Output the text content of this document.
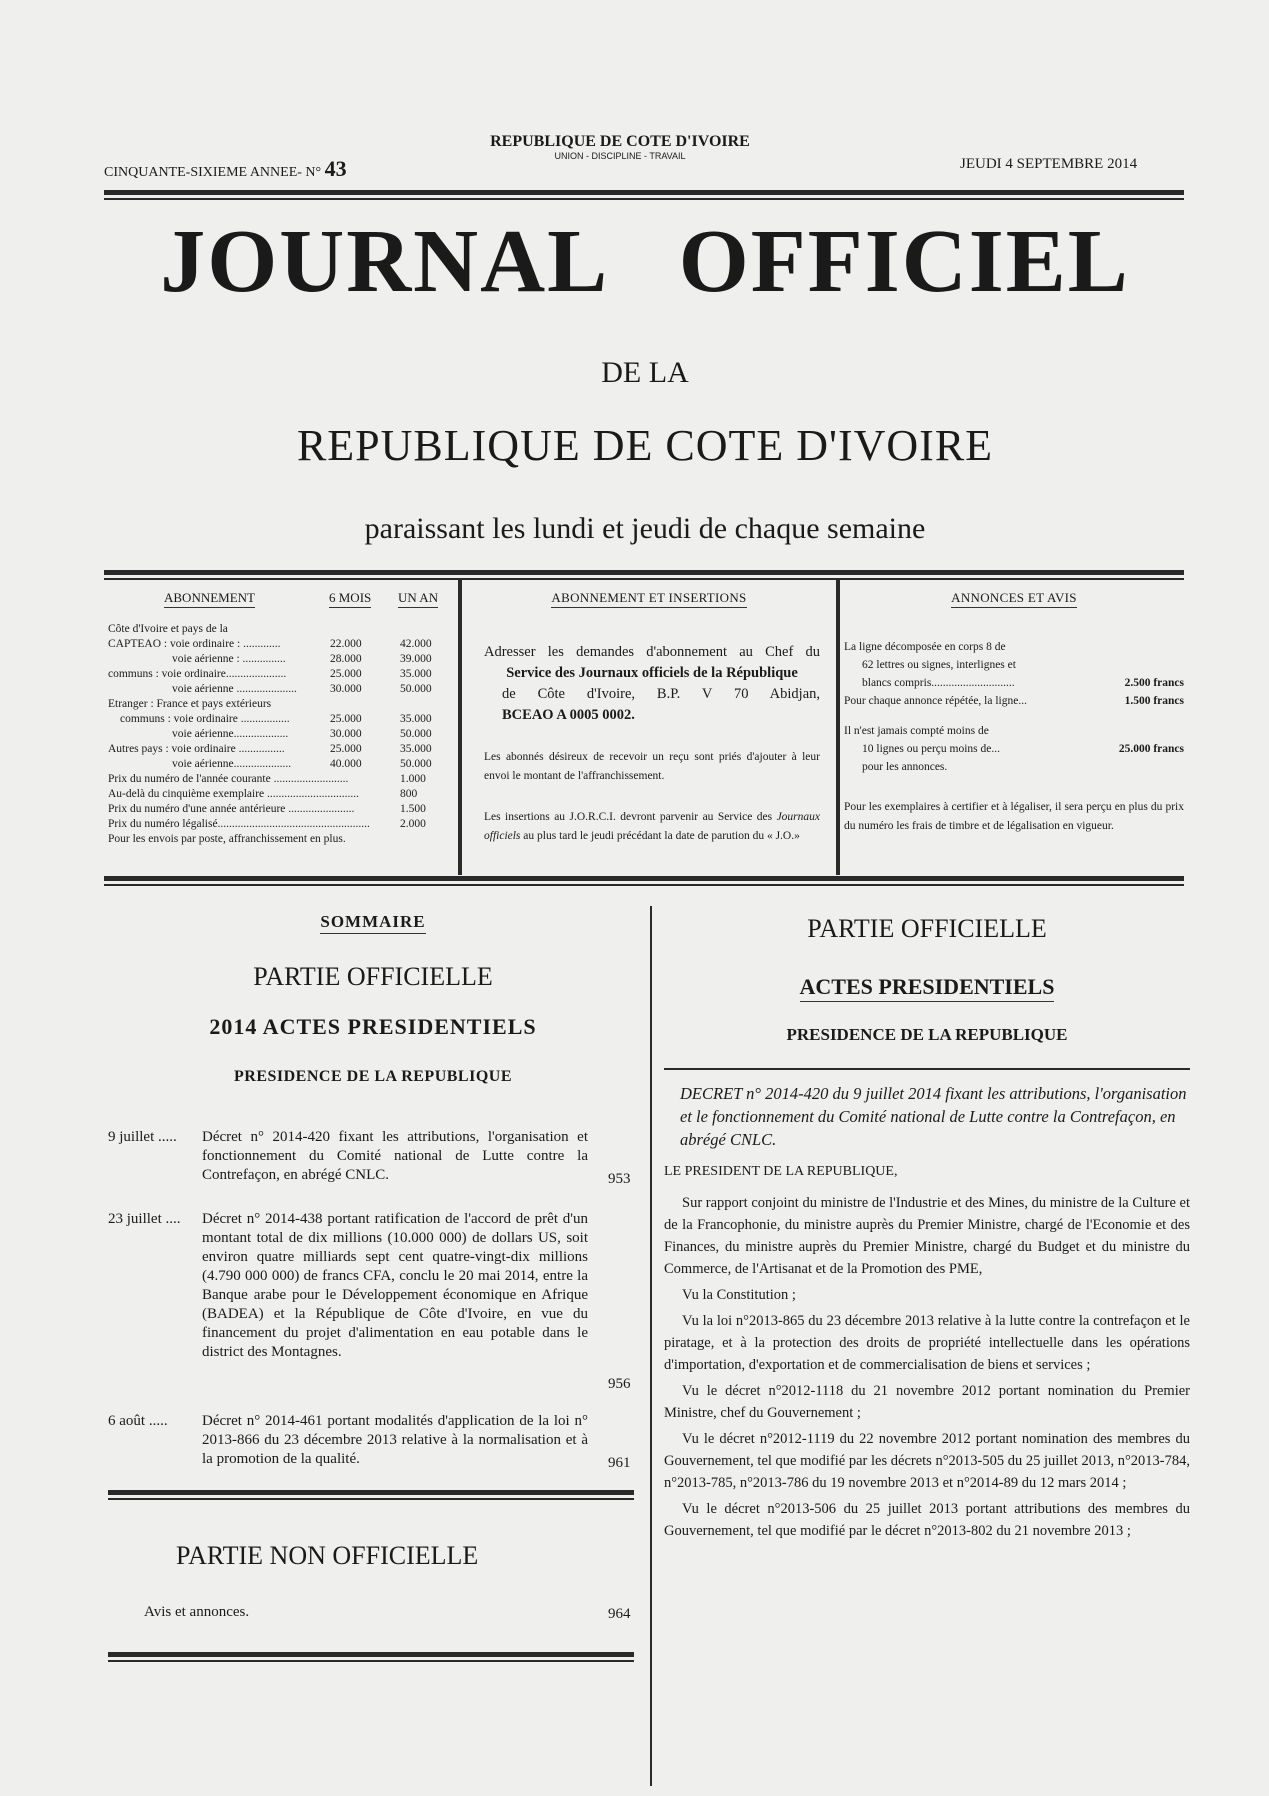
CINQUANTE-SIXIEME ANNEE- N° 43
REPUBLIQUE DE COTE D'IVOIRE
UNION - DISCIPLINE - TRAVAIL	JEUDI 4 SEPTEMBRE 2014
JOURNAL OFFICIEL
DE LA
REPUBLIQUE DE COTE D'IVOIRE
paraissant les lundi et jeudi de chaque semaine
ABONNEMENT	6 MOIS UN AN
Côte d'Ivoire et pays de la
CAPTEAO : voie ordinaire : .............	22.000	42.000
voie aérienne : ...............	28.000	39.000
communs : voie ordinaire.....................	25.000	35.000
voie aérienne .....................	30.000	50.000
Etranger : France et pays extérieurs
communs : voie ordinaire .................	25.000	35.000
voie aérienne...................	30.000	50.000
Autres pays : voie ordinaire ................	25.000	35.000
voie aérienne....................	40.000	50.000
Prix du numéro de l'année courante ..........................	1.000
Au-delà du cinquième exemplaire ................................	800
Prix du numéro d'une année antérieure .......................	1.500
Prix du numéro légalisé.....................................................	2.000
Pour les envois par poste, affranchissement en plus.
ABONNEMENT ET INSERTIONS

Adresser les demandes d'abonnement au Chef du

Service des Journaux officiels de la République

de Côte d'Ivoire, B.P. V 70 Abidjan,

BCEAO A 0005 0002.

Les abonnés désireux de recevoir un reçu sont priés d'ajouter à leur envoi le montant de l'affranchissement.
Les insertions au J.O.R.C.I. devront parvenir au Service des Journaux officiels au plus tard le jeudi précédant la date de parution du « J.O.»
ANNONCES ET AVIS

La ligne décomposée en corps 8 de

62 lettres ou signes, interlignes et

blancs compris.............................	2.500 francs

Pour chaque annonce répétée, la ligne...	1.500 francs

Il n'est jamais compté moins de

10 lignes ou perçu moins de...	25.000 francs

pour les annonces.

Pour les exemplaires à certifier et à légaliser, il sera perçu en plus du prix du numéro les frais de timbre et de légalisation en vigueur.
SOMMAIRE
PARTIE OFFICIELLE
2014 ACTES PRESIDENTIELS
PRESIDENCE DE LA REPUBLIQUE
9 juillet ..... Décret n° 2014-420 fixant les attributions, l'organisation et fonctionnement du Comité national de Lutte contre la Contrefaçon, en abrégé CNLC.	953
23 juillet .... Décret n° 2014-438 portant ratification de l'accord de prêt d'un montant total de dix millions (10.000 000) de dollars US, soit environ quatre milliards sept cent quatre-vingt-dix millions (4.790 000 000) de francs CFA, conclu le 20 mai 2014, entre la Banque arabe pour le Développement économique en Afrique (BADEA) et la République de Côte d'Ivoire, en vue du financement du projet d'alimentation en eau potable dans le district des Montagnes.
956
6 août ..... Décret n° 2014-461 portant modalités d'application de la loi n° 2013-866 du 23 décembre 2013 relative à la normalisation et à la promotion de la qualité.	961
PARTIE NON OFFICIELLE
Avis et annonces.	964
PARTIE OFFICIELLE
ACTES PRESIDENTIELS
PRESIDENCE DE LA REPUBLIQUE
DECRET n° 2014-420 du 9 juillet 2014 fixant les attributions, l'organisation et le fonctionnement du Comité national de Lutte contre la Contrefaçon, en abrégé CNLC.
LE PRESIDENT DE LA REPUBLIQUE,

Sur rapport conjoint du ministre de l'Industrie et des Mines, du ministre de la Culture et de la Francophonie, du ministre auprès du Premier Ministre, chargé de l'Economie et des Finances, du ministre auprès du Premier Ministre, chargé du Budget et du ministre du Commerce, de l'Artisanat et de la Promotion des PME,

Vu la Constitution ;

Vu la loi n°2013-865 du 23 décembre 2013 relative à la lutte contre la contrefaçon et le piratage, et à la protection des droits de propriété intellectuelle dans les opérations d'importation, d'exportation et de commercialisation de biens et services ;

Vu le décret n°2012-1118 du 21 novembre 2012 portant nomination du Premier Ministre, chef du Gouvernement ;

Vu le décret n°2012-1119 du 22 novembre 2012 portant nomination des membres du Gouvernement, tel que modifié par les décrets n°2013-505 du 25 juillet 2013, n°2013-784, n°2013-785, n°2013-786 du 19 novembre 2013 et n°2014-89 du 12 mars 2014 ;

Vu le décret n°2013-506 du 25 juillet 2013 portant attributions des membres du Gouvernement, tel que modifié par le décret n°2013-802 du 21 novembre 2013 ;
